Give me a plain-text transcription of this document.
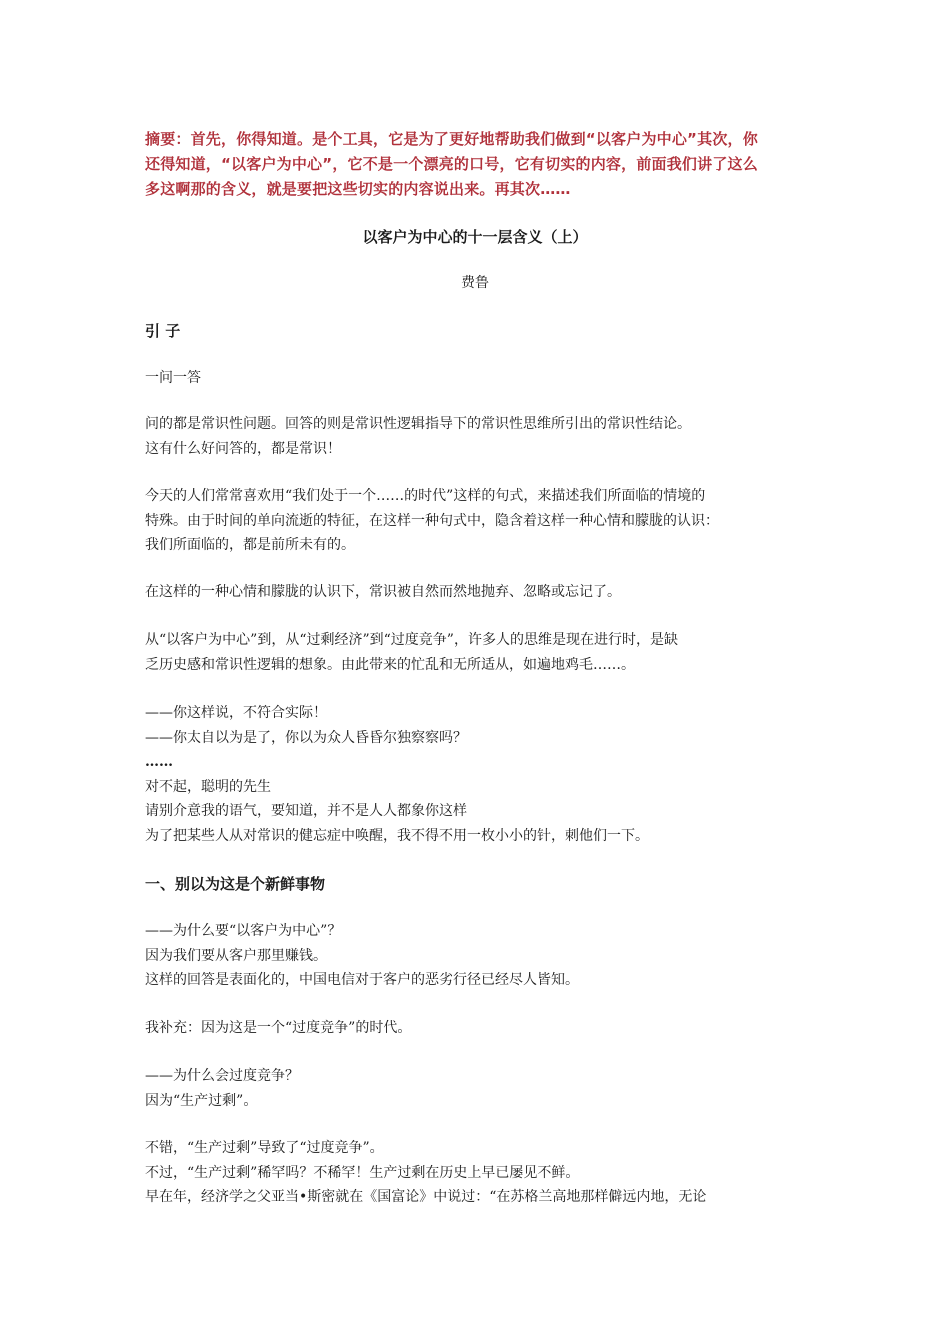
摘要：首先，你得知道。是个工具，它是为了更好地帮助我们做到“以客户为中心”其次，你
还得知道，“以客户为中心”，它不是一个漂亮的口号，它有切实的内容，前面我们讲了这么
多这啊那的含义，就是要把这些切实的内容说出来。再其次……
以客户为中心的十一层含义（上）
费鲁
引 子
一问一答
问的都是常识性问题。回答的则是常识性逻辑指导下的常识性思维所引出的常识性结论。
这有什么好问答的，都是常识！
今天的人们常常喜欢用“我们处于一个……的时代”这样的句式，来描述我们所面临的情境的
特殊。由于时间的单向流逝的特征，在这样一种句式中，隐含着这样一种心情和朦胧的认识：
我们所面临的，都是前所未有的。
在这样的一种心情和朦胧的认识下，常识被自然而然地抛弃、忽略或忘记了。
从“以客户为中心”到，从“过剩经济”到“过度竞争”，许多人的思维是现在进行时，是缺
乏历史感和常识性逻辑的想象。由此带来的忙乱和无所适从，如遍地鸡毛……。
——你这样说，不符合实际！
——你太自以为是了，你以为众人昏昏尔独察察吗？
……
对不起，聪明的先生
请别介意我的语气，要知道，并不是人人都象你这样
为了把某些人从对常识的健忘症中唤醒，我不得不用一枚小小的针，刺他们一下。
一、别以为这是个新鲜事物
——为什么要“以客户为中心”？
因为我们要从客户那里赚钱。
这样的回答是表面化的，中国电信对于客户的恶劣行径已经尽人皆知。
我补充：因为这是一个“过度竞争”的时代。
——为什么会过度竞争？
因为“生产过剩”。
不错，“生产过剩”导致了“过度竞争”。
不过，“生产过剩”稀罕吗？不稀罕！生产过剩在历史上早已屡见不鲜。
早在年，经济学之父亚当•斯密就在《国富论》中说过：“在苏格兰高地那样僻远内地，无论
